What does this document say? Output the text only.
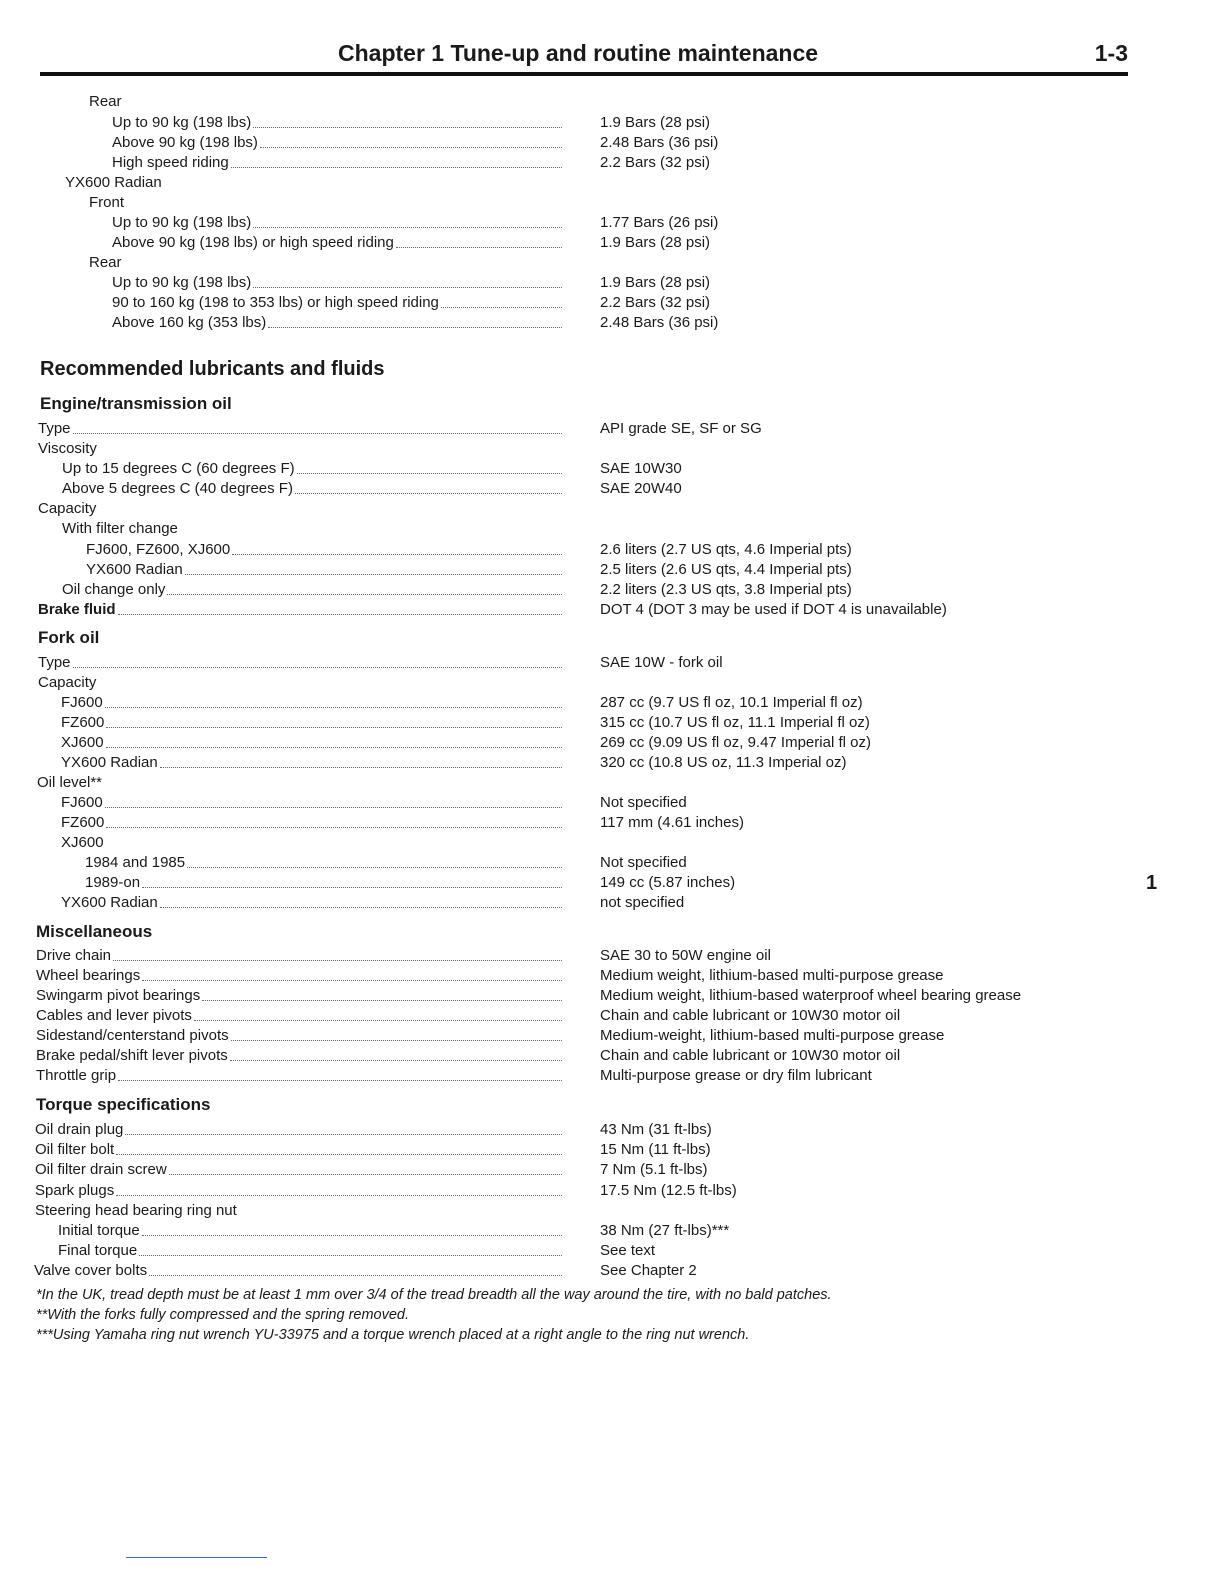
Chapter 1 Tune-up and routine maintenance	1-3
Rear
Up to 90 kg (198 lbs)	1.9 Bars (28 psi)
Above 90 kg (198 lbs)	2.48 Bars (36 psi)
High speed riding	2.2 Bars (32 psi)
YX600 Radian
Front
Up to 90 kg (198 lbs)	1.77 Bars (26 psi)
Above 90 kg (198 lbs) or high speed riding	1.9 Bars (28 psi)
Rear
Up to 90 kg (198 lbs)	1.9 Bars (28 psi)
90 to 160 kg (198 to 353 lbs) or high speed riding	2.2 Bars (32 psi)
Above 160 kg (353 lbs)	2.48 Bars (36 psi)
Recommended lubricants and fluids
Engine/transmission oil
Type	API grade SE, SF or SG
Viscosity
Up to 15 degrees C (60 degrees F)	SAE 10W30
Above 5 degrees C (40 degrees F)	SAE 20W40
Capacity
With filter change
FJ600, FZ600, XJ600	2.6 liters (2.7 US qts, 4.6 Imperial pts)
YX600 Radian	2.5 liters (2.6 US qts, 4.4 Imperial pts)
Oil change only	2.2 liters (2.3 US qts, 3.8 Imperial pts)
Brake fluid	DOT 4 (DOT 3 may be used if DOT 4 is unavailable)
Fork oil
Type	SAE 10W - fork oil
Capacity
FJ600	287 cc (9.7 US fl oz, 10.1 Imperial fl oz)
FZ600	315 cc (10.7 US fl oz, 11.1 Imperial fl oz)
XJ600	269 cc (9.09 US fl oz, 9.47 Imperial fl oz)
YX600 Radian	320 cc (10.8 US oz, 11.3 Imperial oz)
Oil level**
FJ600	Not specified
FZ600	117 mm (4.61 inches)
XJ600
1984 and 1985	Not specified
1989-on	149 cc (5.87 inches)
YX600 Radian	not specified
Miscellaneous
Drive chain	SAE 30 to 50W engine oil
Wheel bearings	Medium weight, lithium-based multi-purpose grease
Swingarm pivot bearings	Medium weight, lithium-based waterproof wheel bearing grease
Cables and lever pivots	Chain and cable lubricant or 10W30 motor oil
Sidestand/centerstand pivots	Medium-weight, lithium-based multi-purpose grease
Brake pedal/shift lever pivots	Chain and cable lubricant or 10W30 motor oil
Throttle grip	Multi-purpose grease or dry film lubricant
Torque specifications
Oil drain plug	43 Nm (31 ft-lbs)
Oil filter bolt	15 Nm (11 ft-lbs)
Oil filter drain screw	7 Nm (5.1 ft-lbs)
Spark plugs	17.5 Nm (12.5 ft-lbs)
Steering head bearing ring nut
Initial torque	38 Nm (27 ft-lbs)***
Final torque	See text
Valve cover bolts	See Chapter 2
*In the UK, tread depth must be at least 1 mm over 3/4 of the tread breadth all the way around the tire, with no bald patches.
**With the forks fully compressed and the spring removed.
***Using Yamaha ring nut wrench YU-33975 and a torque wrench placed at a right angle to the ring nut wrench.
1
